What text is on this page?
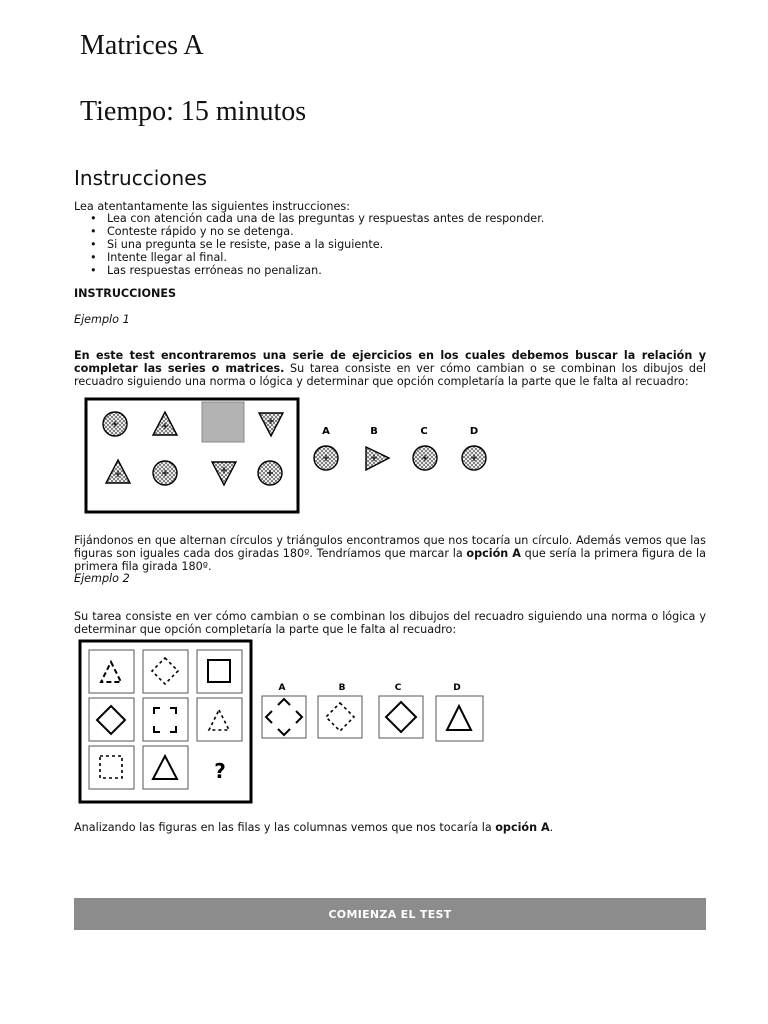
Matrices A
Tiempo: 15 minutos
Instrucciones
Lea atentantamente las siguientes instrucciones:
• Lea con atención cada una de las preguntas y respuestas antes de responder.
• Conteste rápido y no se detenga.
• Si una pregunta se le resiste, pase a la siguiente.
• Intente llegar al final.
• Las respuestas erróneas no penalizan.
INSTRUCCIONES
Ejemplo 1
En este test encontraremos una serie de ejercicios en los cuales debemos buscar la relación y completar las series o matrices. Su tarea consiste en ver cómo cambian o se combinan los dibujos del recuadro siguiendo una norma o lógica y determinar que opción completaría la parte que le falta al recuadro:
A	B	C	D
Fijándonos en que alternan círculos y triángulos encontramos que nos tocaría un círculo. Además vemos que las figuras son iguales cada dos giradas 180º. Tendríamos que marcar la opción A que sería la primera figura de la primera fila girada 180º.
Ejemplo 2
Su tarea consiste en ver cómo cambian o se combinan los dibujos del recuadro siguiendo una norma o lógica y determinar que opción completaría la parte que le falta al recuadro:
?
A	B	C	D
Analizando las figuras en las filas y las columnas vemos que nos tocaría la opción A.
COMIENZA EL TEST
